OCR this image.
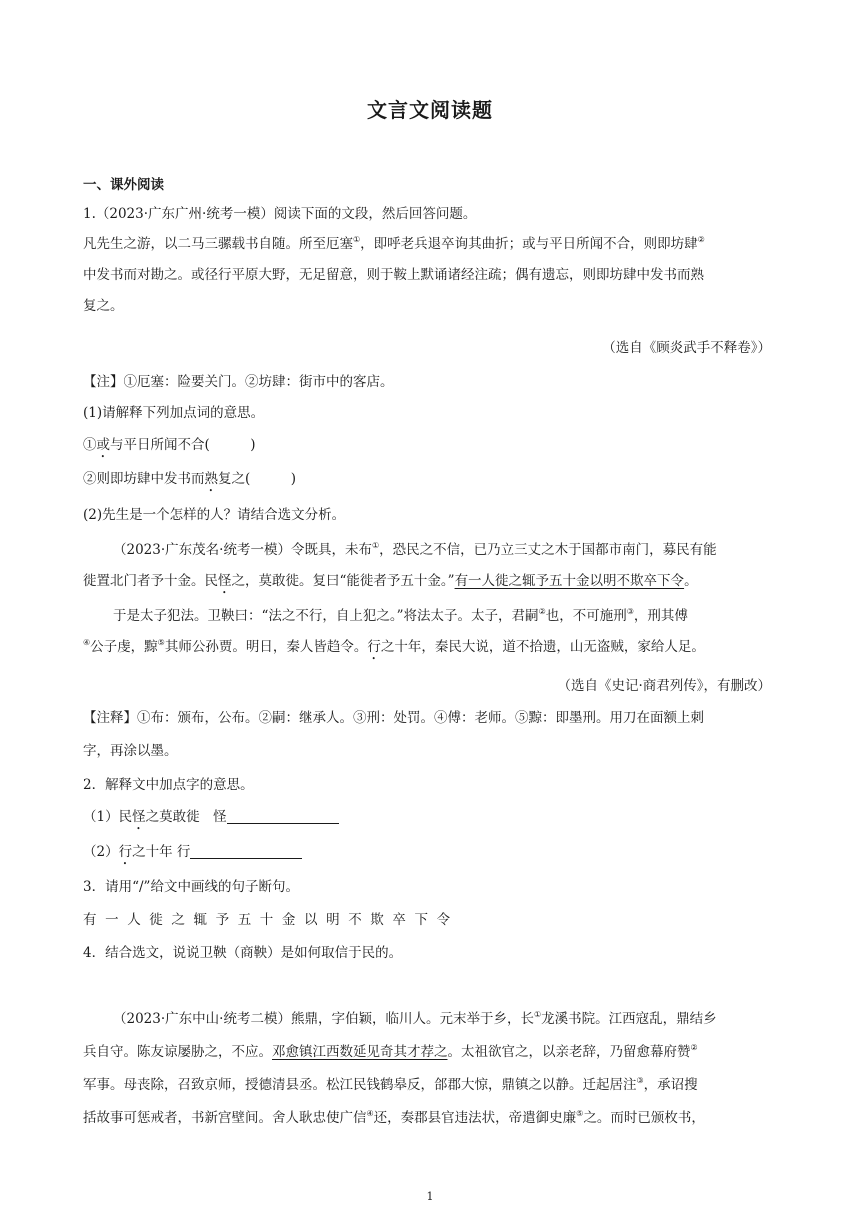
文言文阅读题
一、课外阅读
1.（2023·广东广州·统考一模）阅读下面的文段，然后回答问题。
凡先生之游，以二马三骡载书自随。所至厄塞①，即呼老兵退卒询其曲折；或与平日所闻不合，则即坊肆②
中发书而对勘之。或径行平原大野，无足留意，则于鞍上默诵诸经注疏；偶有遗忘，则即坊肆中发书而熟
复之。
（选自《顾炎武手不释卷》）
【注】①厄塞：险要关门。②坊肆：街市中的客店。
(1)请解释下列加点词的意思。
①或与平日所闻不合(　　　)
②则即坊肆中发书而熟复之(　　　)
(2)先生是一个怎样的人？请结合选文分析。
（2023·广东茂名·统考一模）令既具，未布①，恐民之不信，已乃立三丈之木于国都市南门，募民有能
徙置北门者予十金。民怪之，莫敢徙。复曰“能徙者予五十金。”有一人徙之辄予五十金以明不欺卒下令。
于是太子犯法。卫鞅曰：“法之不行，自上犯之。”将法太子。太子，君嗣②也，不可施刑③，刑其傅
④公子虔，黥⑤其师公孙贾。明日，秦人皆趋令。行之十年，秦民大说，道不拾遗，山无盗贼，家给人足。
（选自《史记·商君列传》，有删改）
【注释】①布：颁布，公布。②嗣：继承人。③刑：处罚。④傅：老师。⑤黥：即墨刑。用刀在面额上刺
字，再涂以墨。
2．解释文中加点字的意思。
（1）民怪之莫敢徙　怪
（2）行之十年 行
3．请用“/”给文中画线的句子断句。
有一人徙之辄予五十金以明不欺卒下令
4．结合选文，说说卫鞅（商鞅）是如何取信于民的。
（2023·广东中山·统考二模）熊鼎，字伯颖，临川人。元末举于乡，长①龙溪书院。江西寇乱，鼎结乡
兵自守。陈友谅屡胁之，不应。邓愈镇江西数延见奇其才荐之。太祖欲官之，以亲老辞，乃留愈幕府赞②
军事。母丧除，召致京师，授德清县丞。松江民钱鹤皋反，郃郡大惊，鼎镇之以静。迁起居注③，承诏搜
括故事可惩戒者，书新宫壁间。舍人耿忠使广信④还，奏郡县官违法状，帝遣御史廉⑤之。而时已颁枚书，
1
